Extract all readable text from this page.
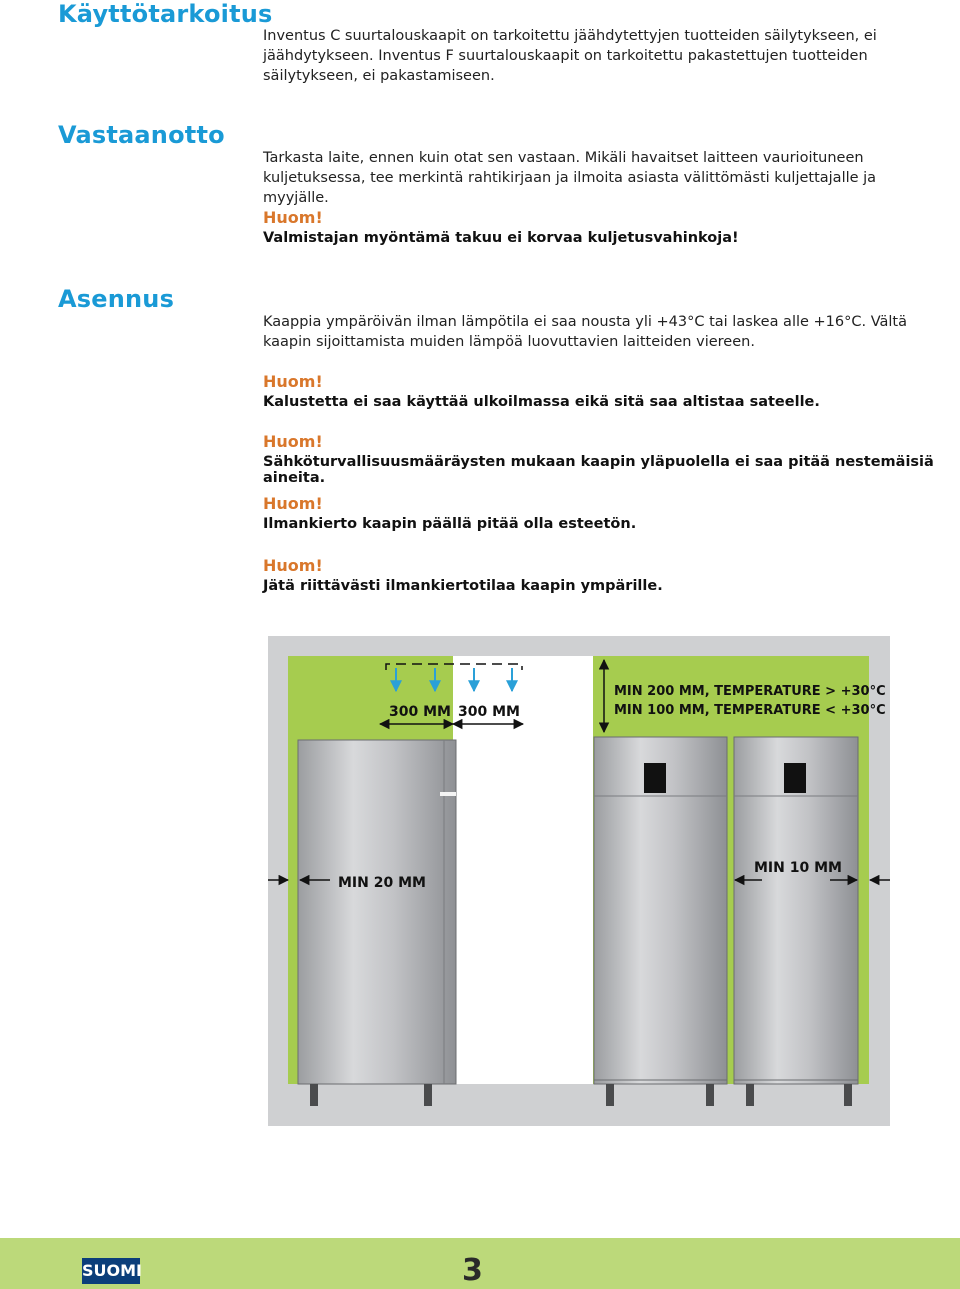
Käyttötarkoitus

Inventus C suurtalouskaapit on tarkoitettu jäähdytettyjen tuotteiden säilytykseen, ei jäähdytykseen. Inventus F suurtalouskaapit on tarkoitettu pakastettujen tuotteiden säilytykseen, ei pakastamiseen.

Vastaanotto

Tarkasta laite, ennen kuin otat sen vastaan. Mikäli havaitset laitteen vaurioituneen kuljetuksessa, tee merkintä rahtikirjaan ja ilmoita asiasta välittömästi kuljettajalle ja myyjälle.

Huom!

Valmistajan myöntämä takuu ei korvaa kuljetusvahinkoja!

Asennus

Kaappia ympäröivän ilman lämpötila ei saa nousta yli +43°C tai laskea alle +16°C. Vältä kaapin sijoittamista muiden lämpöä luovuttavien laitteiden viereen.

Huom!

Kalustetta ei saa käyttää ulkoilmassa eikä sitä saa altistaa sateelle.

Huom!

Sähköturvallisuusmääräysten mukaan kaapin yläpuolella ei saa pitää nestemäisiä aineita.

Huom!

Ilmankierto kaapin päällä pitää olla esteetön.

Huom!

Jätä riittävästi ilmankiertotilaa kaapin ympärille.

300 MM 300 MM
MIN 200 MM, TEMPERATURE > +30°C
MIN 100 MM, TEMPERATURE < +30°C
MIN 20 MM
MIN 10 MM
SUOMI	3
